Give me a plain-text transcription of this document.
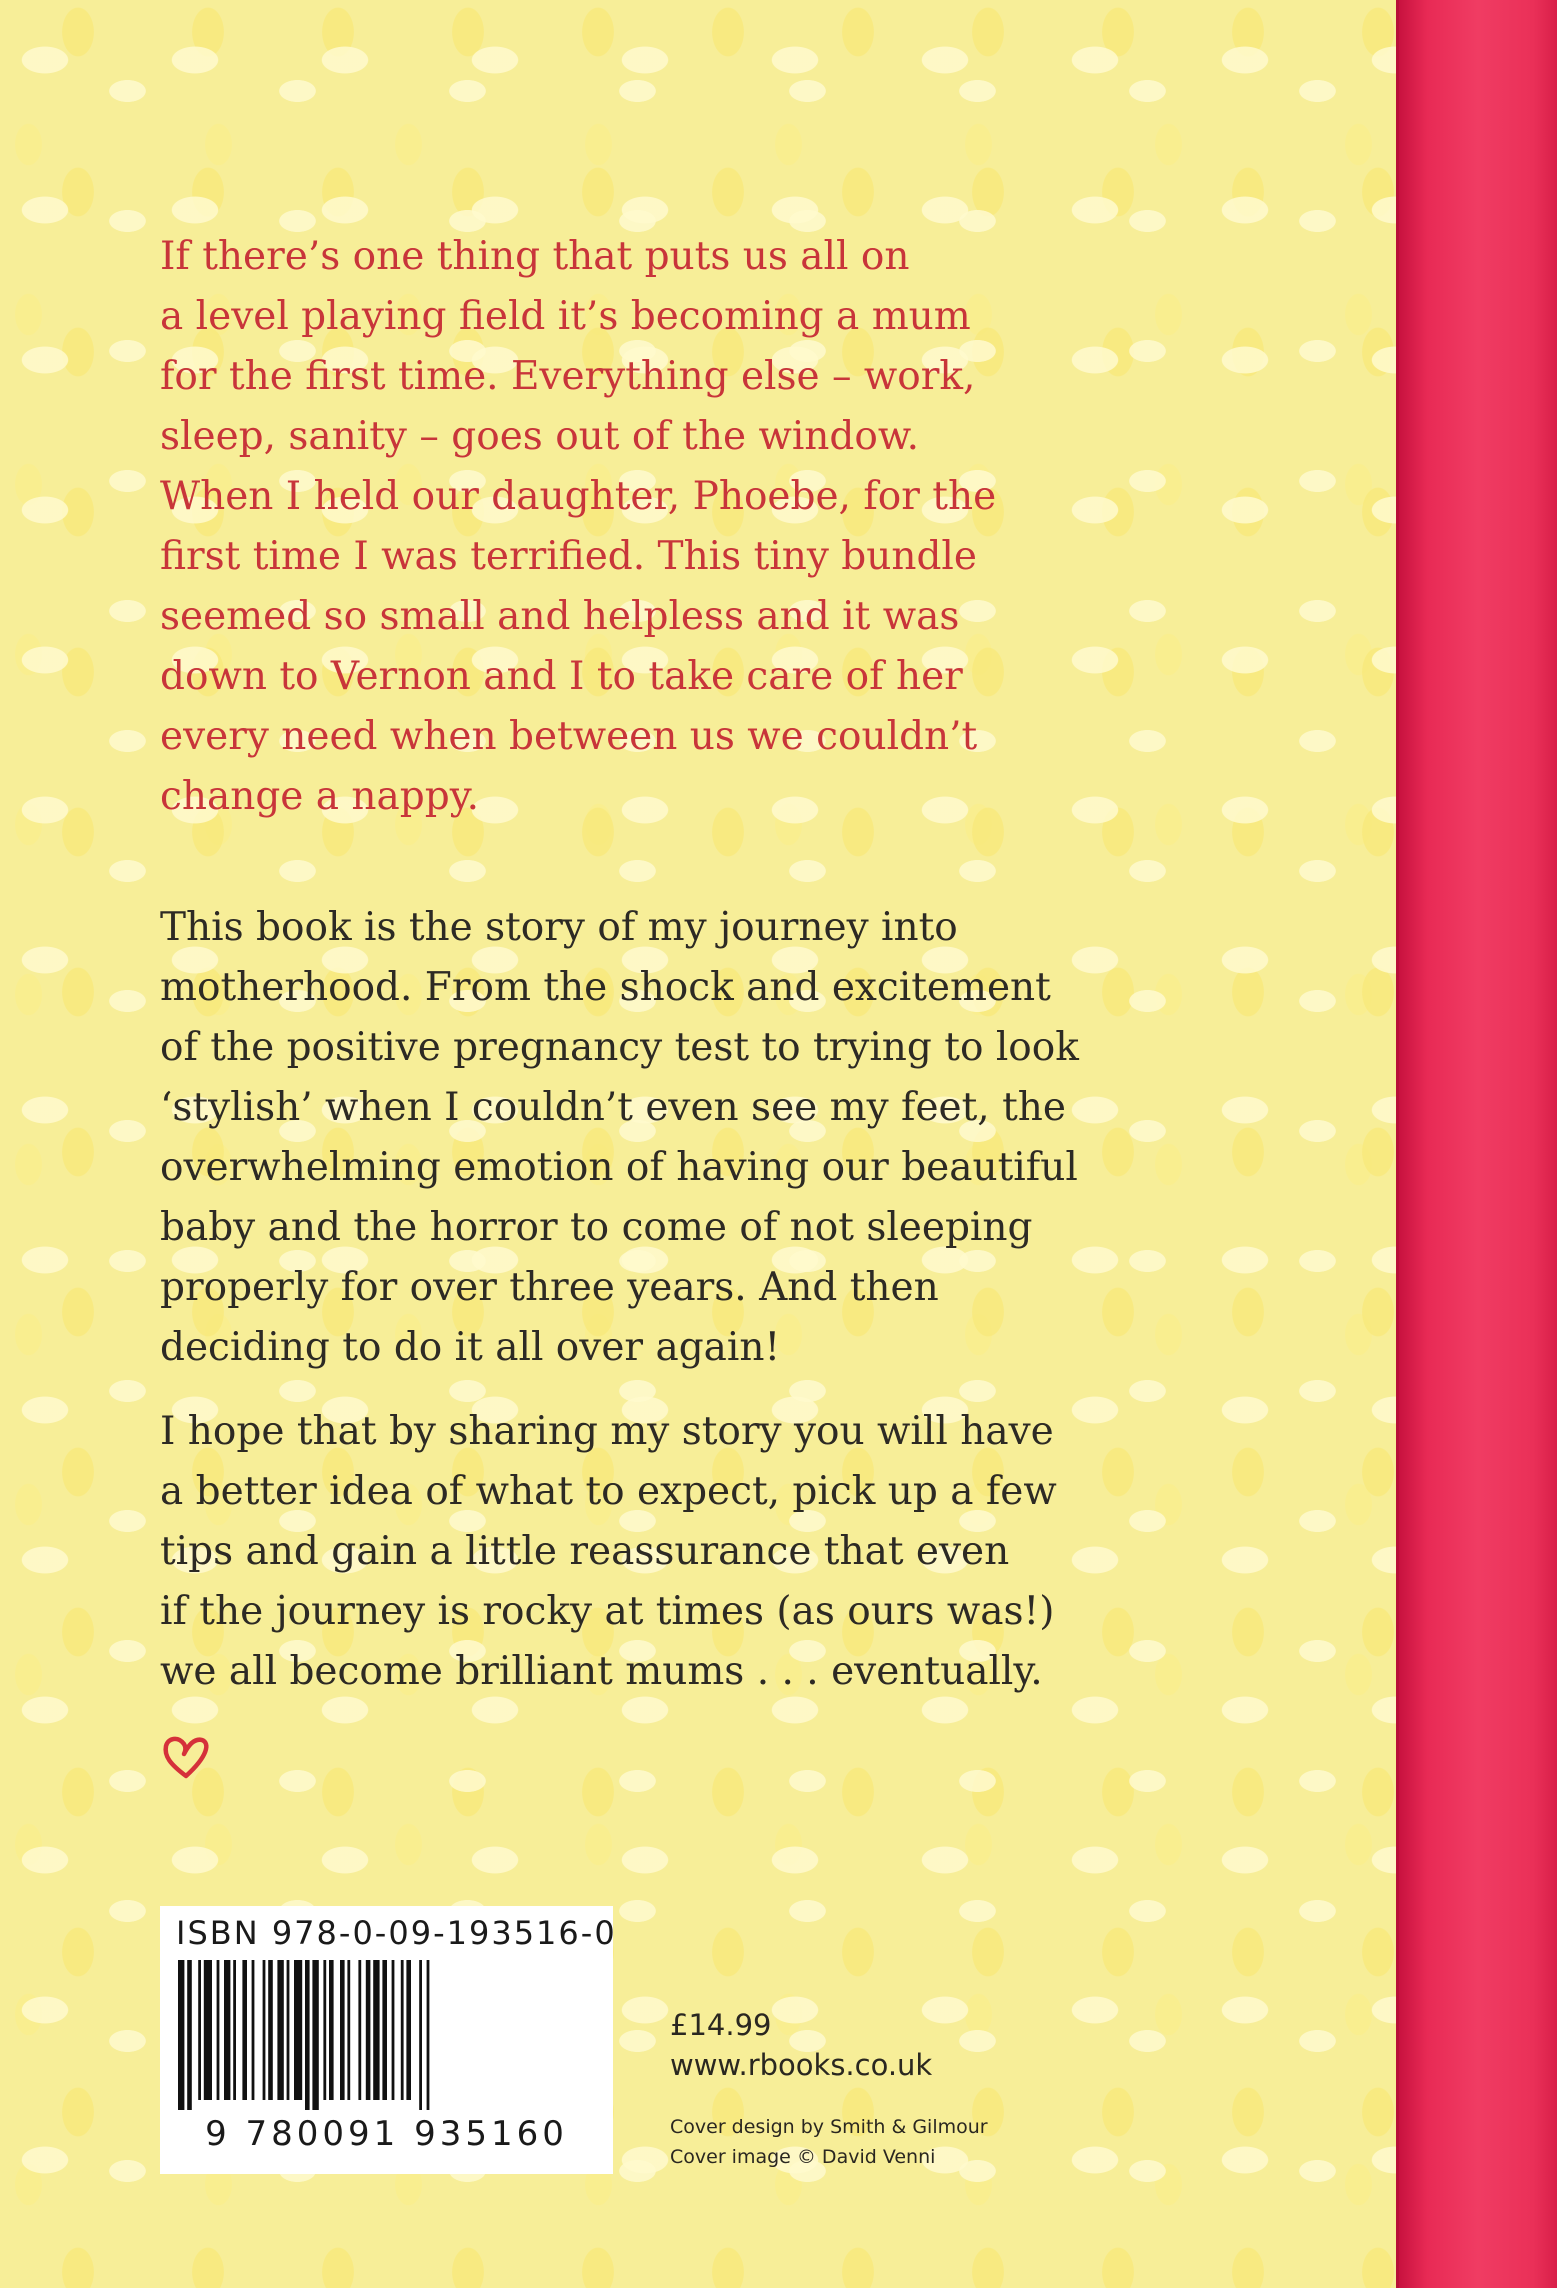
If there’s one thing that puts us all on
a level playing field it’s becoming a mum
for the first time. Everything else – work,
sleep, sanity – goes out of the window.
When I held our daughter, Phoebe, for the
first time I was terrified. This tiny bundle
seemed so small and helpless and it was
down to Vernon and I to take care of her
every need when between us we couldn’t
change a nappy.
This book is the story of my journey into
motherhood. From the shock and excitement
of the positive pregnancy test to trying to look
‘stylish’ when I couldn’t even see my feet, the
overwhelming emotion of having our beautiful
baby and the horror to come of not sleeping
properly for over three years. And then
deciding to do it all over again!
I hope that by sharing my story you will have
a better idea of what to expect, pick up a few
tips and gain a little reassurance that even
if the journey is rocky at times (as ours was!)
we all become brilliant mums . . . eventually.
ISBN 978-0-09-193516-0
9 780091 935160
£14.99
www.rbooks.co.uk
Cover design by Smith & Gilmour
Cover image © David Venni
